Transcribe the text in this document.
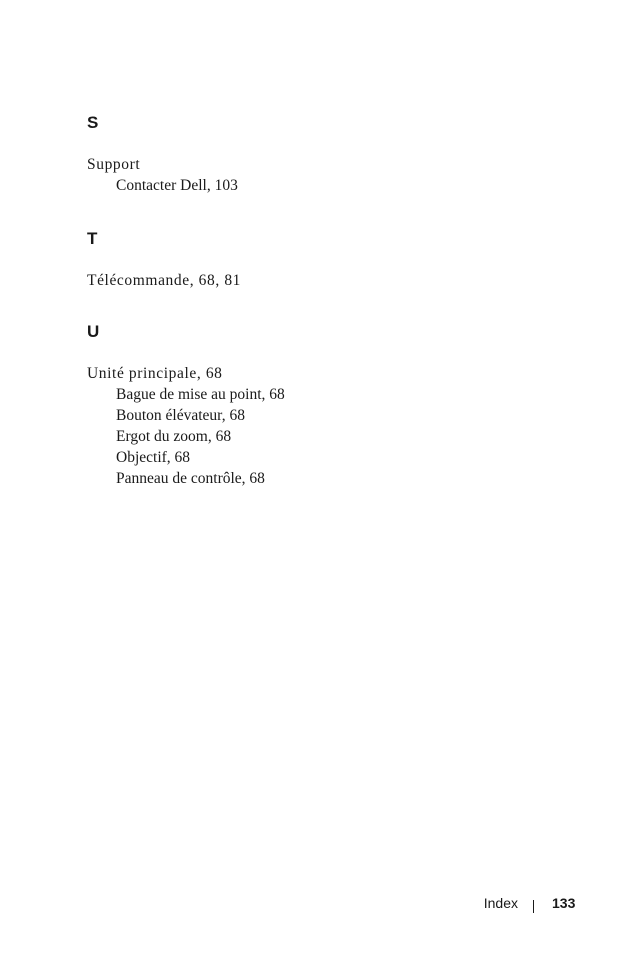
S

Support

Contacter Dell, 103

T

Télécommande, 68, 81

U

Unité principale, 68

Bague de mise au point, 68

Bouton élévateur, 68

Ergot du zoom, 68

Objectif, 68

Panneau de contrôle, 68

Index 133
